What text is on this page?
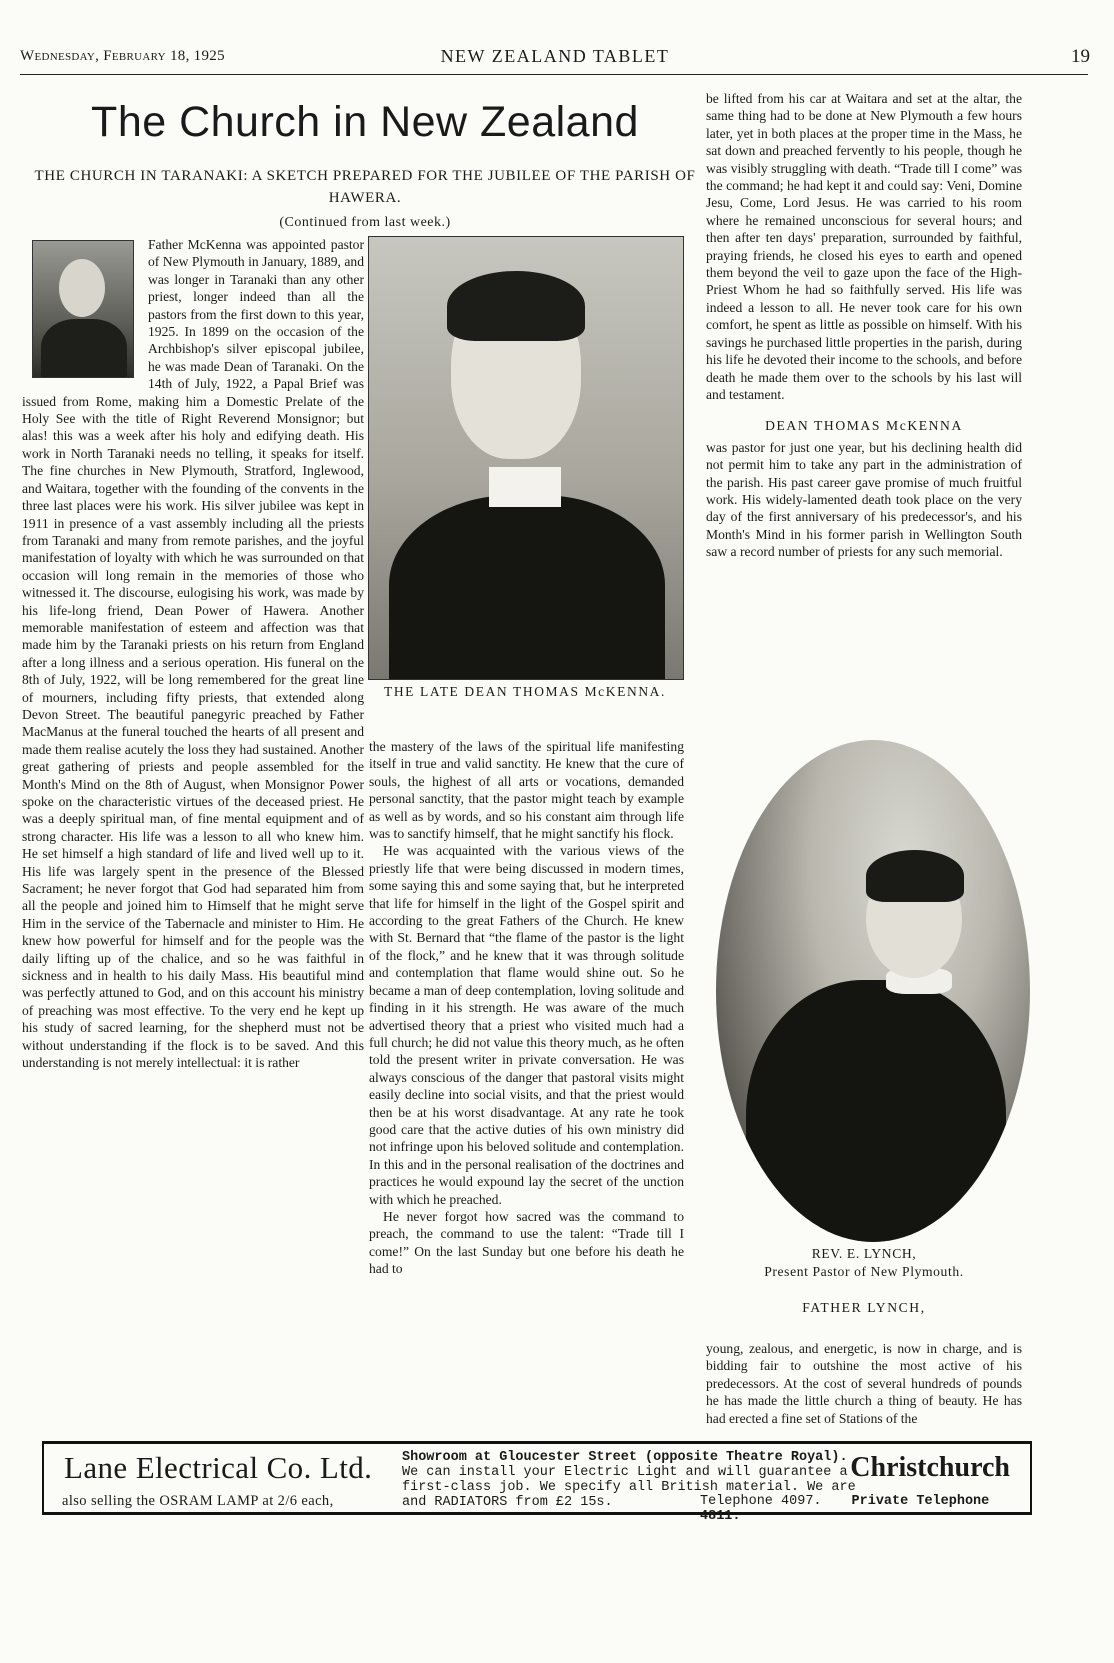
Wednesday, February 18, 1925	NEW ZEALAND TABLET	19
The Church in New Zealand
THE CHURCH IN TARANAKI: A SKETCH PREPARED FOR THE JUBILEE OF THE PARISH OF HAWERA.
(Continued from last week.)

Father McKenna was appointed pastor of New Plymouth in January, 1889, and was longer in Taranaki than any other priest, longer indeed than all the pastors from the first down to this year, 1925. In 1899 on the occasion of the Archbishop's silver episcopal jubilee, he was made Dean of Taranaki. On the 14th of July, 1922, a Papal Brief was issued from Rome, making him a Domestic Prelate of the Holy See with the title of Right Reverend Monsignor; but alas! this was a week after his holy and edifying death. His work in North Taranaki needs no telling, it speaks for itself. The fine churches in New Plymouth, Stratford, Inglewood, and Waitara, together with the founding of the convents in the three last places were his work. His silver jubilee was kept in 1911 in presence of a vast assembly including all the priests from Taranaki and many from remote parishes, and the joyful manifestation of loyalty with which he was surrounded on that occasion will long remain in the memories of those who witnessed it. The discourse, eulogising his work, was made by his life-long friend, Dean Power of Hawera. Another memorable manifestation of esteem and affection was that made him by the Taranaki priests on his return from England after a long illness and a serious operation. His funeral on the 8th of July, 1922, will be long remembered for the great line of mourners, including fifty priests, that extended along Devon Street. The beautiful panegyric preached by Father MacManus at the funeral touched the hearts of all present and made them realise acutely the loss they had sustained. Another great gathering of priests and people assembled for the Month's Mind on the 8th of August, when Monsignor Power spoke on the characteristic virtues of the deceased priest. He was a deeply spiritual man, of fine mental equipment and of strong character. His life was a lesson to all who knew him. He set himself a high standard of life and lived well up to it. His life was largely spent in the presence of the Blessed Sacrament; he never forgot that God had separated him from all the people and joined him to Himself that he might serve Him in the service of the Tabernacle and minister to Him. He knew how powerful for himself and for the people was the daily lifting up of the chalice, and so he was faithful in sickness and in health to his daily Mass. His beautiful mind was perfectly attuned to God, and on this account his ministry of preaching was most effective. To the very end he kept up his study of sacred learning, for the shepherd must not be without understanding if the flock is to be saved. And this understanding is not merely intellectual: it is rather

THE LATE DEAN THOMAS McKENNA.

the mastery of the laws of the spiritual life manifesting itself in true and valid sanctity. He knew that the cure of souls, the highest of all arts or vocations, demanded personal sanctity, that the pastor might teach by example as well as by words, and so his constant aim through life was to sanctify himself, that he might sanctify his flock.

He was acquainted with the various views of the priestly life that were being discussed in modern times, some saying this and some saying that, but he interpreted that life for himself in the light of the Gospel spirit and according to the great Fathers of the Church. He knew with St. Bernard that “the flame of the pastor is the light of the flock,” and he knew that it was through solitude and contemplation that flame would shine out. So he became a man of deep contemplation, loving solitude and finding in it his strength. He was aware of the much advertised theory that a priest who visited much had a full church; he did not value this theory much, as he often told the present writer in private conversation. He was always conscious of the danger that pastoral visits might easily decline into social visits, and that the priest would then be at his worst disadvantage. At any rate he took good care that the active duties of his own ministry did not infringe upon his beloved solitude and contemplation. In this and in the personal realisation of the doctrines and practices he would expound lay the secret of the unction with which he preached.

He never forgot how sacred was the command to preach, the command to use the talent: “Trade till I come!” On the last Sunday but one before his death he had to

be lifted from his car at Waitara and set at the altar, the same thing had to be done at New Plymouth a few hours later, yet in both places at the proper time in the Mass, he sat down and preached fervently to his people, though he was visibly struggling with death. “Trade till I come” was the command; he had kept it and could say: Veni, Domine Jesu, Come, Lord Jesus. He was carried to his room where he remained unconscious for several hours; and then after ten days' preparation, surrounded by faithful, praying friends, he closed his eyes to earth and opened them beyond the veil to gaze upon the face of the High-Priest Whom he had so faithfully served. His life was indeed a lesson to all. He never took care for his own comfort, he spent as little as possible on himself. With his savings he purchased little properties in the parish, during his life he devoted their income to the schools, and before death he made them over to the schools by his last will and testament.

DEAN THOMAS McKENNA

was pastor for just one year, but his declining health did not permit him to take any part in the administration of the parish. His past career gave promise of much fruitful work. His widely-lamented death took place on the very day of the first anniversary of his predecessor's, and his Month's Mind in his former parish in Wellington South saw a record number of priests for any such memorial.

REV. E. LYNCH,
Present Pastor of New Plymouth.
FATHER LYNCH,

young, zealous, and energetic, is now in charge, and is bidding fair to outshine the most active of his predecessors. At the cost of several hundreds of pounds he has made the little church a thing of beauty. He has had erected a fine set of Stations of the

Lane Electrical Co. Ltd.
also selling the OSRAM LAMP at 2/6 each,
Showroom at Gloucester Street (opposite Theatre Royal).
We can install your Electric Light and will guarantee a first-class job. We specify all British material. We are
and RADIATORS from £2 15s.
Christchurch
Telephone 4097. Private Telephone 4811.
